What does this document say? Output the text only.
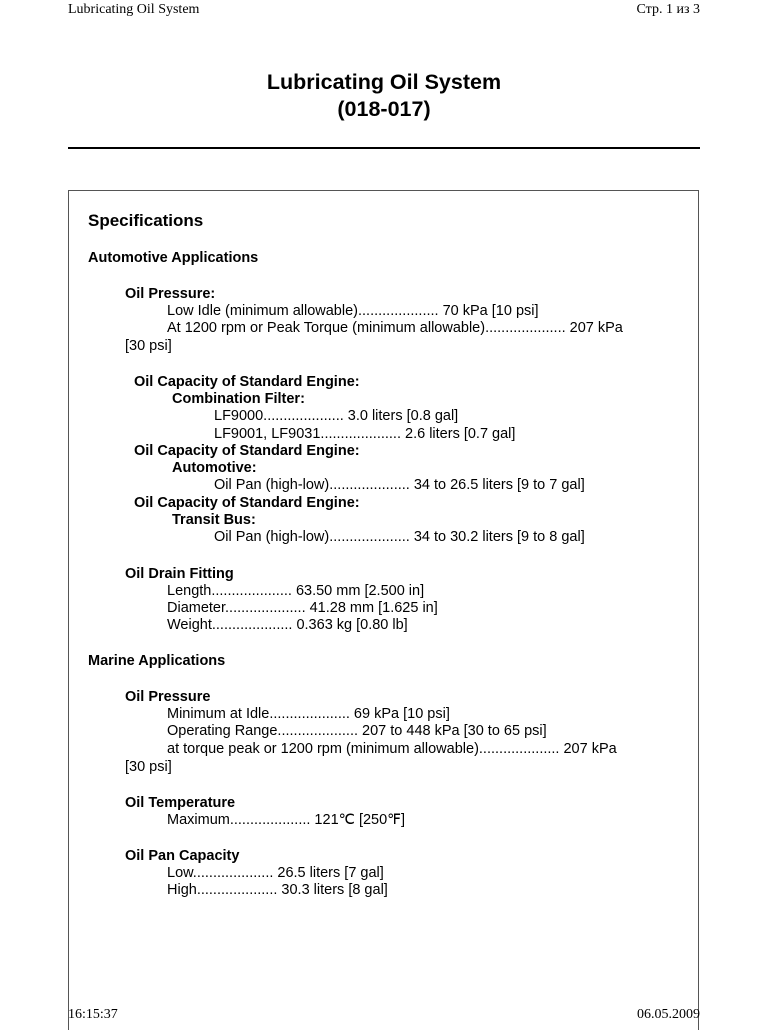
Lubricating Oil System	Стр. 1 из 3
Lubricating Oil System
(018-017)
Specifications
Automotive Applications
Oil Pressure:
Low Idle (minimum allowable).................... 70 kPa [10 psi]
At 1200 rpm or Peak Torque (minimum allowable).................... 207 kPa
[30 psi]
Oil Capacity of Standard Engine:
Combination Filter:
LF9000.................... 3.0 liters [0.8 gal]
LF9001, LF9031.................... 2.6 liters [0.7 gal]
Oil Capacity of Standard Engine:
Automotive:
Oil Pan (high-low).................... 34 to 26.5 liters [9 to 7 gal]
Oil Capacity of Standard Engine:
Transit Bus:
Oil Pan (high-low).................... 34 to 30.2 liters [9 to 8 gal]
Oil Drain Fitting
Length.................... 63.50 mm [2.500 in]
Diameter.................... 41.28 mm [1.625 in]
Weight.................... 0.363 kg [0.80 lb]
Marine Applications
Oil Pressure
Minimum at Idle.................... 69 kPa [10 psi]
Operating Range.................... 207 to 448 kPa [30 to 65 psi]
at torque peak or 1200 rpm (minimum allowable).................... 207 kPa
[30 psi]
Oil Temperature
Maximum.................... 121℃ [250℉]
Oil Pan Capacity
Low.................... 26.5 liters [7 gal]
High.................... 30.3 liters [8 gal]
16:15:37	06.05.2009
